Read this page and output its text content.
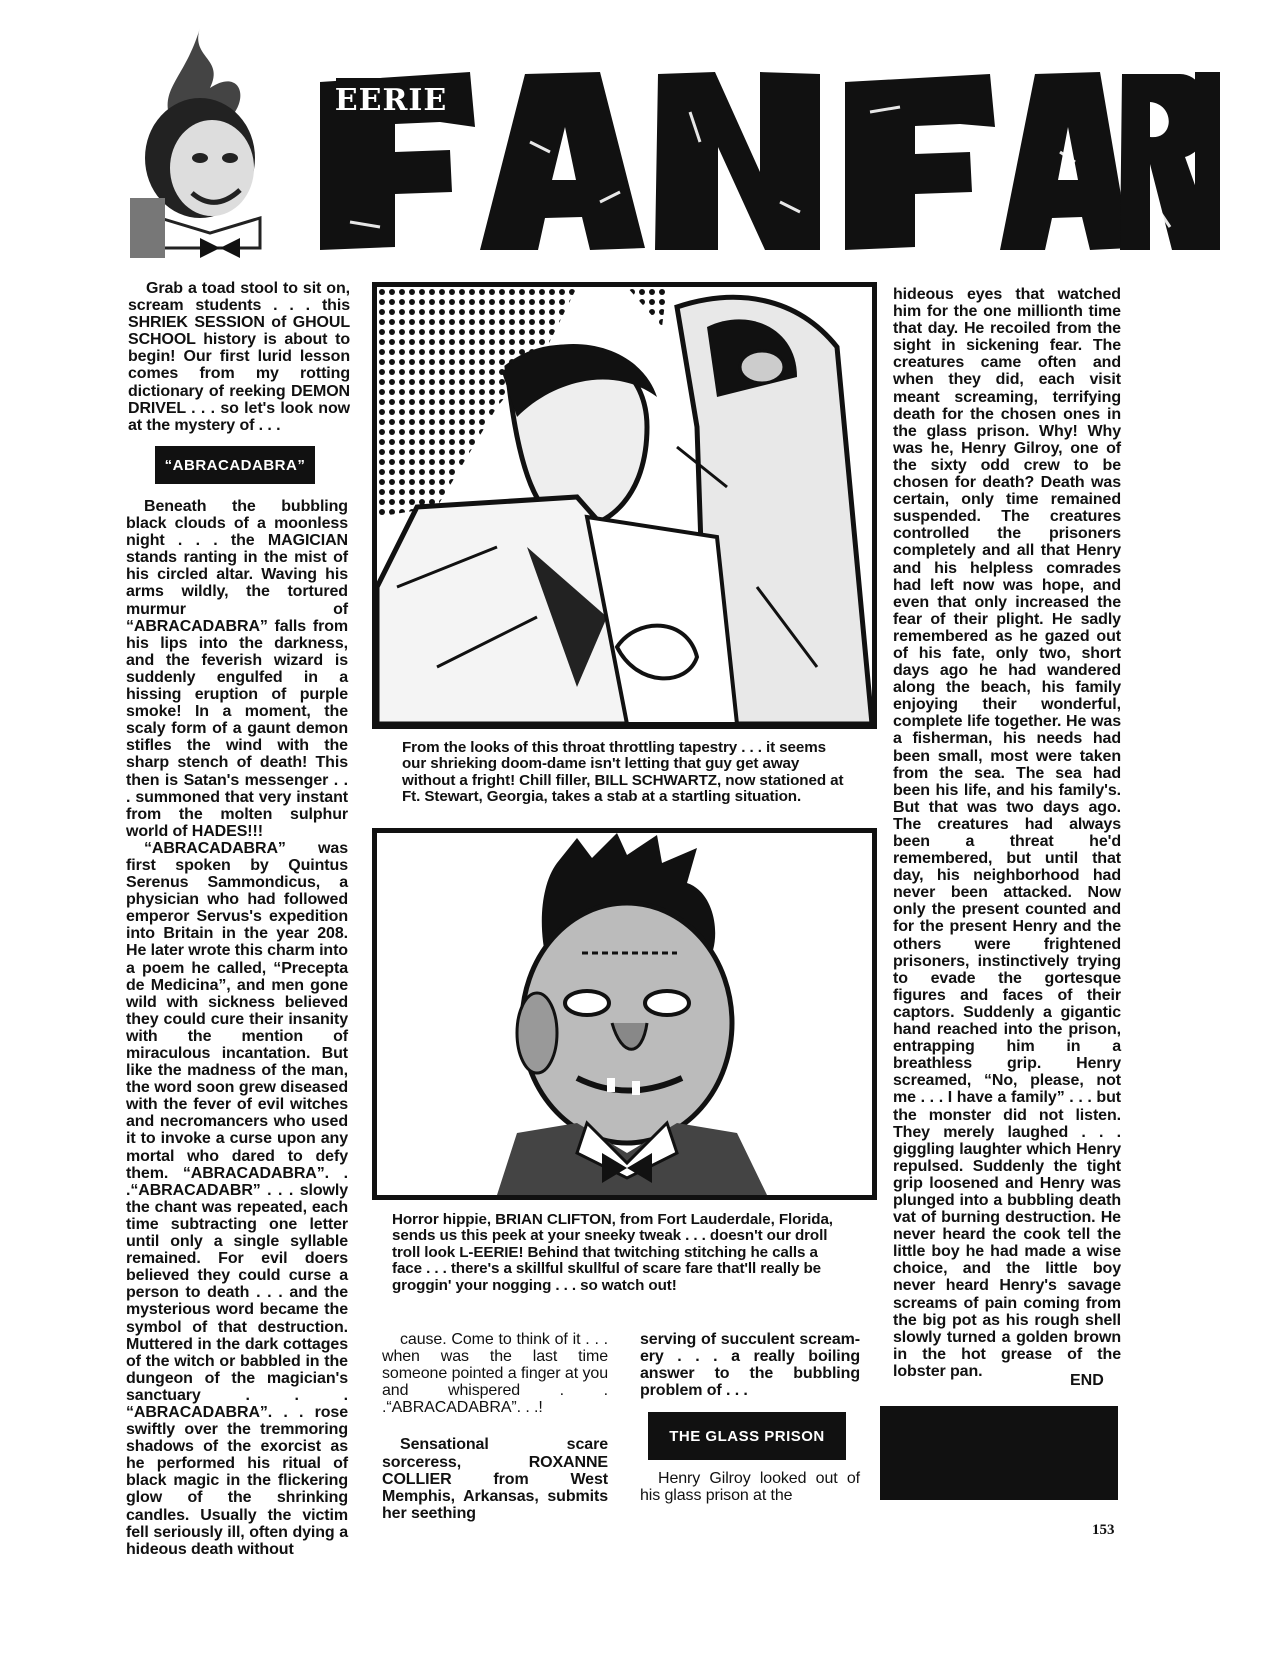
EERIE

Grab a toad stool to sit on, scream students . . . this SHRIEK SESSION of GHOUL SCHOOL history is about to begin! Our first lurid lesson comes from my rotting dictionary of reeking DEMON DRIVEL . . . so let's look now at the mystery of . . .

“ABRACADABRA”

Beneath the bubbling black clouds of a moonless night . . . the MAGICIAN stands ranting in the mist of his circled altar. Waving his arms wildly, the tortured murmur of “ABRACADABRA” falls from his lips into the darkness, and the feverish wizard is suddenly engulfed in a hissing eruption of purple smoke! In a moment, the scaly form of a gaunt demon stifles the wind with the sharp stench of death! This then is Satan's messenger . . . summoned that very instant from the molten sulphur world of HADES!!!

“ABRACADABRA” was first spoken by Quintus Serenus Sammondicus, a physician who had followed emperor Servus's expedition into Britain in the year 208. He later wrote this charm into a poem he called, “Precepta de Medicina”, and men gone wild with sickness believed they could cure their insanity with the mention of miraculous incantation. But like the madness of the man, the word soon grew diseased with the fever of evil witches and necromancers who used it to invoke a curse upon any mortal who dared to defy them. “ABRACADABRA”. . .“ABRACADABR” . . . slowly the chant was repeated, each time subtracting one letter until only a single syllable remained. For evil doers believed they could curse a person to death . . . and the mysterious word became the symbol of that destruction. Muttered in the dark cottages of the witch or babbled in the dungeon of the magician's sanctuary . . . “ABRACADABRA”. . . rose swiftly over the tremmoring shadows of the exorcist as he performed his ritual of black magic in the flickering glow of the shrinking candles. Usually the victim fell seriously ill, often dying a hideous death without

From the looks of this throat throttling tapestry . . . it seems our shrieking doom-dame isn't letting that guy get away without a fright! Chill filler, BILL SCHWARTZ, now stationed at Ft. Stewart, Georgia, takes a stab at a startling situation.
Horror hippie, BRIAN CLIFTON, from Fort Lauderdale, Florida, sends us this peek at your sneeky tweak . . . doesn't our droll troll look L-EERIE! Behind that twitching stitching he calls a face . . . there's a skillful skullful of scare fare that'll really be groggin' your nogging . . . so watch out!

cause. Come to think of it . . . when was the last time someone pointed a finger at you and whispered . . .“ABRACADABRA”. . .!

Sensational scare sorceress, ROXANNE COLLIER from West Memphis, Arkansas, submits her seething

serving of succulent scream-ery . . . a really boiling answer to the bubbling problem of . . .

THE GLASS PRISON

Henry Gilroy looked out of his glass prison at the

hideous eyes that watched him for the one millionth time that day. He recoiled from the sight in sickening fear. The creatures came often and when they did, each visit meant screaming, terrifying death for the chosen ones in the glass prison. Why! Why was he, Henry Gilroy, one of the sixty odd crew to be chosen for death? Death was certain, only time remained suspended. The creatures controlled the prisoners completely and all that Henry and his helpless comrades had left now was hope, and even that only increased the fear of their plight. He sadly remembered as he gazed out of his fate, only two, short days ago he had wandered along the beach, his family enjoying their wonderful, complete life together. He was a fisherman, his needs had been small, most were taken from the sea. The sea had been his life, and his family's. But that was two days ago. The creatures had always been a threat he'd remembered, but until that day, his neighborhood had never been attacked. Now only the present counted and for the present Henry and the others were frightened prisoners, instinctively trying to evade the gortesque figures and faces of their captors. Suddenly a gigantic hand reached into the prison, entrapping him in a breathless grip. Henry screamed, “No, please, not me . . . I have a family” . . . but the monster did not listen. They merely laughed . . . giggling laughter which Henry repulsed. Suddenly the tight grip loosened and Henry was plunged into a bubbling death vat of burning destruction. He never heard the cook tell the little boy he had made a wise choice, and the little boy never heard Henry's savage screams of pain coming from the big pot as his rough shell slowly turned a golden brown in the hot grease of the lobster pan.

END
153
